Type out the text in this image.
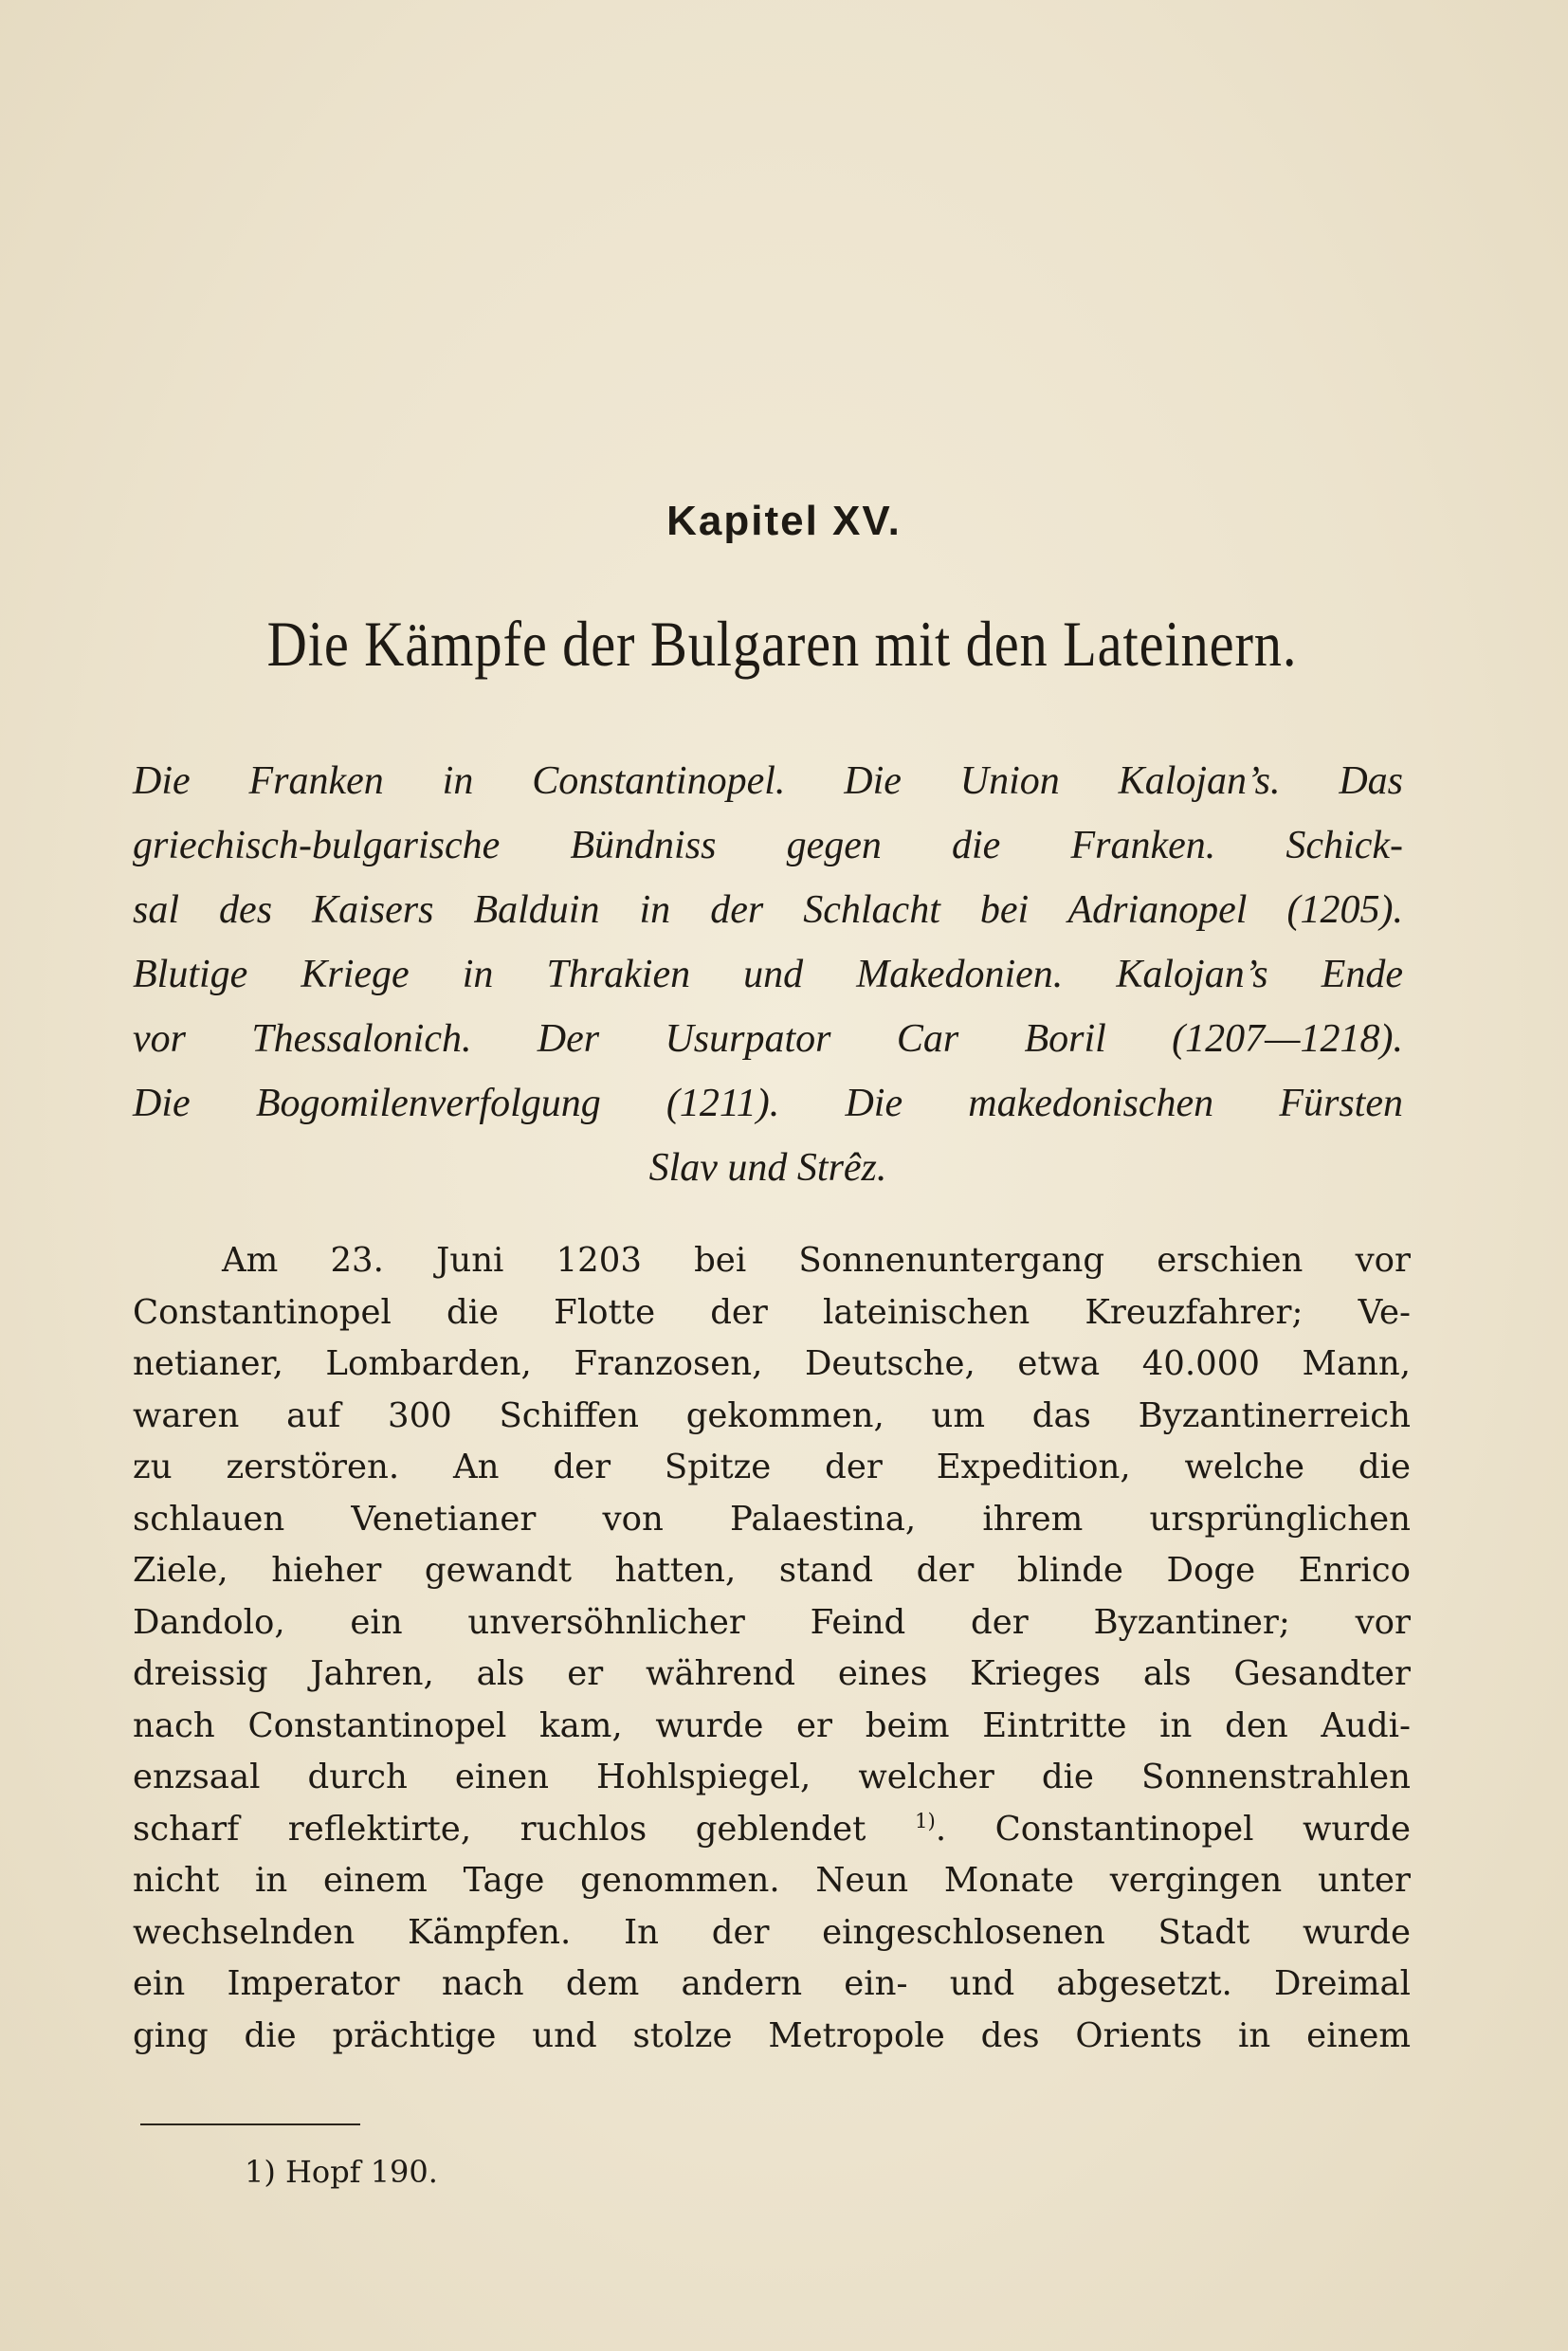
Kapitel XV.
Die Kämpfe der Bulgaren mit den Lateinern.
Die Franken in Constantinopel. Die Union Kalojan’s. Das
griechisch-bulgarische Bündniss gegen die Franken. Schick-
sal des Kaisers Balduin in der Schlacht bei Adrianopel (1205).
Blutige Kriege in Thrakien und Makedonien. Kalojan’s Ende
vor Thessalonich. Der Usurpator Car Boril (1207—1218).
Die Bogomilenverfolgung (1211). Die makedonischen Fürsten
Slav und Strêz.
Am 23. Juni 1203 bei Sonnenuntergang erschien vor
Constantinopel die Flotte der lateinischen Kreuzfahrer; Ve-
netianer, Lombarden, Franzosen, Deutsche, etwa 40.000 Mann,
waren auf 300 Schiffen gekommen, um das Byzantinerreich
zu zerstören. An der Spitze der Expedition, welche die
schlauen Venetianer von Palaestina, ihrem ursprünglichen
Ziele, hieher gewandt hatten, stand der blinde Doge Enrico
Dandolo, ein unversöhnlicher Feind der Byzantiner; vor
dreissig Jahren, als er während eines Krieges als Gesandter
nach Constantinopel kam, wurde er beim Eintritte in den Audi-
enzsaal durch einen Hohlspiegel, welcher die Sonnenstrahlen
scharf reflektirte, ruchlos geblendet $^{1)}$. Constantinopel wurde
nicht in einem Tage genommen. Neun Monate vergingen unter
wechselnden Kämpfen. In der eingeschlosenen Stadt wurde
ein Imperator nach dem andern ein- und abgesetzt. Dreimal
ging die prächtige und stolze Metropole des Orients in einem
1) Hopf 190.
